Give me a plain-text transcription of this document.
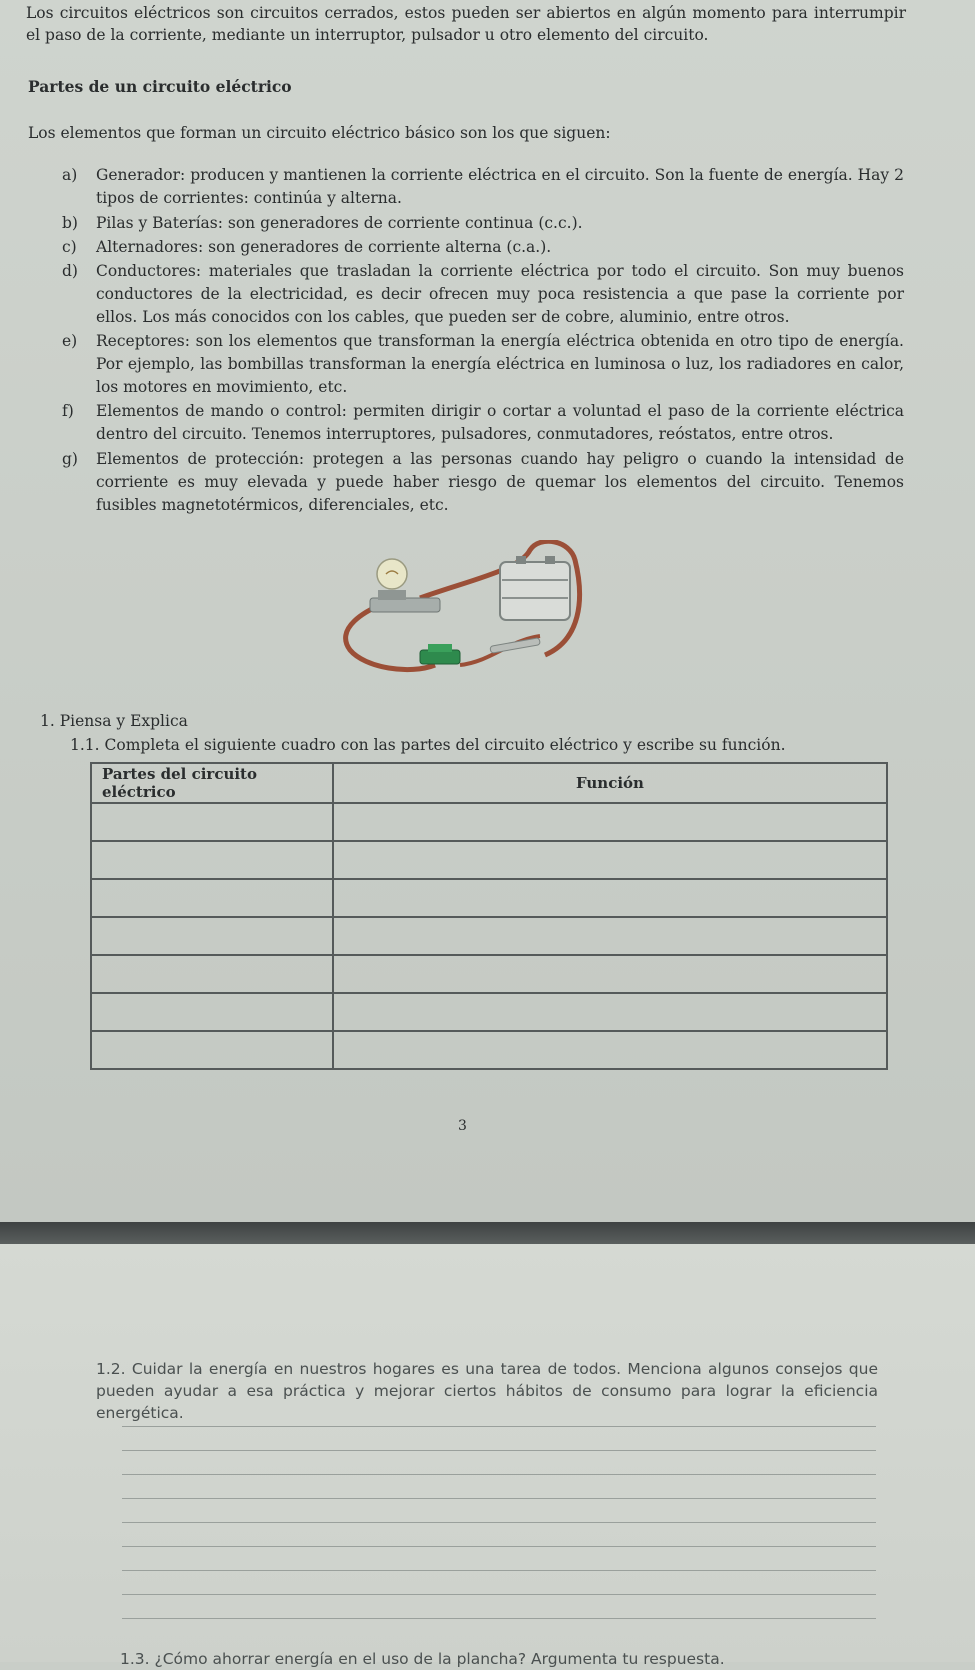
Los circuitos eléctricos son circuitos cerrados, estos pueden ser abiertos en algún momento para interrumpir el paso de la corriente, mediante un interruptor, pulsador u otro elemento del circuito.

Partes de un circuito eléctrico

Los elementos que forman un circuito eléctrico básico son los que siguen:

a) Generador: producen y mantienen la corriente eléctrica en el circuito. Son la fuente de energía. Hay 2 tipos de corrientes: continúa y alterna.
b) Pilas y Baterías: son generadores de corriente continua (c.c.).
c) Alternadores: son generadores de corriente alterna (c.a.).
d) Conductores: materiales que trasladan la corriente eléctrica por todo el circuito. Son muy buenos conductores de la electricidad, es decir ofrecen muy poca resistencia a que pase la corriente por ellos. Los más conocidos con los cables, que pueden ser de cobre, aluminio, entre otros.
e) Receptores: son los elementos que transforman la energía eléctrica obtenida en otro tipo de energía. Por ejemplo, las bombillas transforman la energía eléctrica en luminosa o luz, los radiadores en calor, los motores en movimiento, etc.
f) Elementos de mando o control: permiten dirigir o cortar a voluntad el paso de la corriente eléctrica dentro del circuito. Tenemos interruptores, pulsadores, conmutadores, reóstatos, entre otros.
g) Elementos de protección: protegen a las personas cuando hay peligro o cuando la intensidad de corriente es muy elevada y puede haber riesgo de quemar los elementos del circuito. Tenemos fusibles magnetotérmicos, diferenciales, etc.

1. Piensa y Explica

1.1. Completa el siguiente cuadro con las partes del circuito eléctrico y escribe su función.

Partes del circuito eléctrico	Función

3

1.2. Cuidar la energía en nuestros hogares es una tarea de todos. Menciona algunos consejos que pueden ayudar a esa práctica y mejorar ciertos hábitos de consumo para lograr la eficiencia energética.

1.3. ¿Cómo ahorrar energía en el uso de la plancha? Argumenta tu respuesta.
